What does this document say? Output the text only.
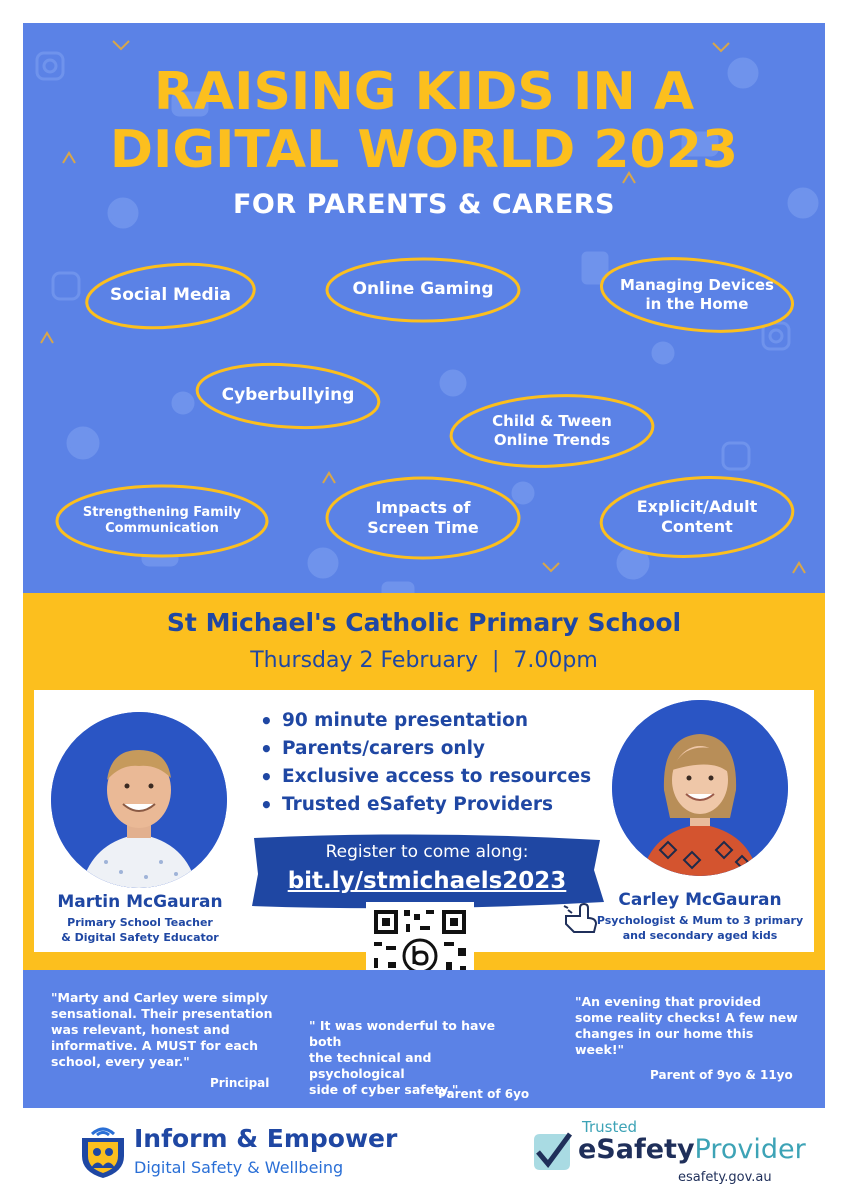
RAISING KIDS IN A
DIGITAL WORLD 2023
FOR PARENTS & CARERS
Social Media	Online Gaming	Managing Devices
in the Home
Cyberbullying
Child & Tween
Online Trends
Strengthening Family
Communication
Impacts of
Screen Time
Explicit/Adult
Content
St Michael's Catholic Primary School
Thursday 2 February | 7.00pm
• 90 minute presentation
• Parents/carers only
• Exclusive access to resources
• Trusted eSafety Providers
Martin McGauran
Primary School Teacher
& Digital Safety Educator
Carley McGauran
Psychologist & Mum to 3 primary
and secondary aged kids
Register to come along:
bit.ly/stmichaels2023
"Marty and Carley were simply
sensational. Their presentation
was relevant, honest and
informative. A MUST for each
school, every year."
Principal
" It was wonderful to have both
the technical and psychological
side of cyber safety."
Parent of 6yo
"An evening that provided
some reality checks! A few new
changes in our home this
week!"
Parent of 9yo & 11yo
Inform & Empower
Digital Safety & Wellbeing
Trusted
eSafetyProvider
esafety.gov.au
